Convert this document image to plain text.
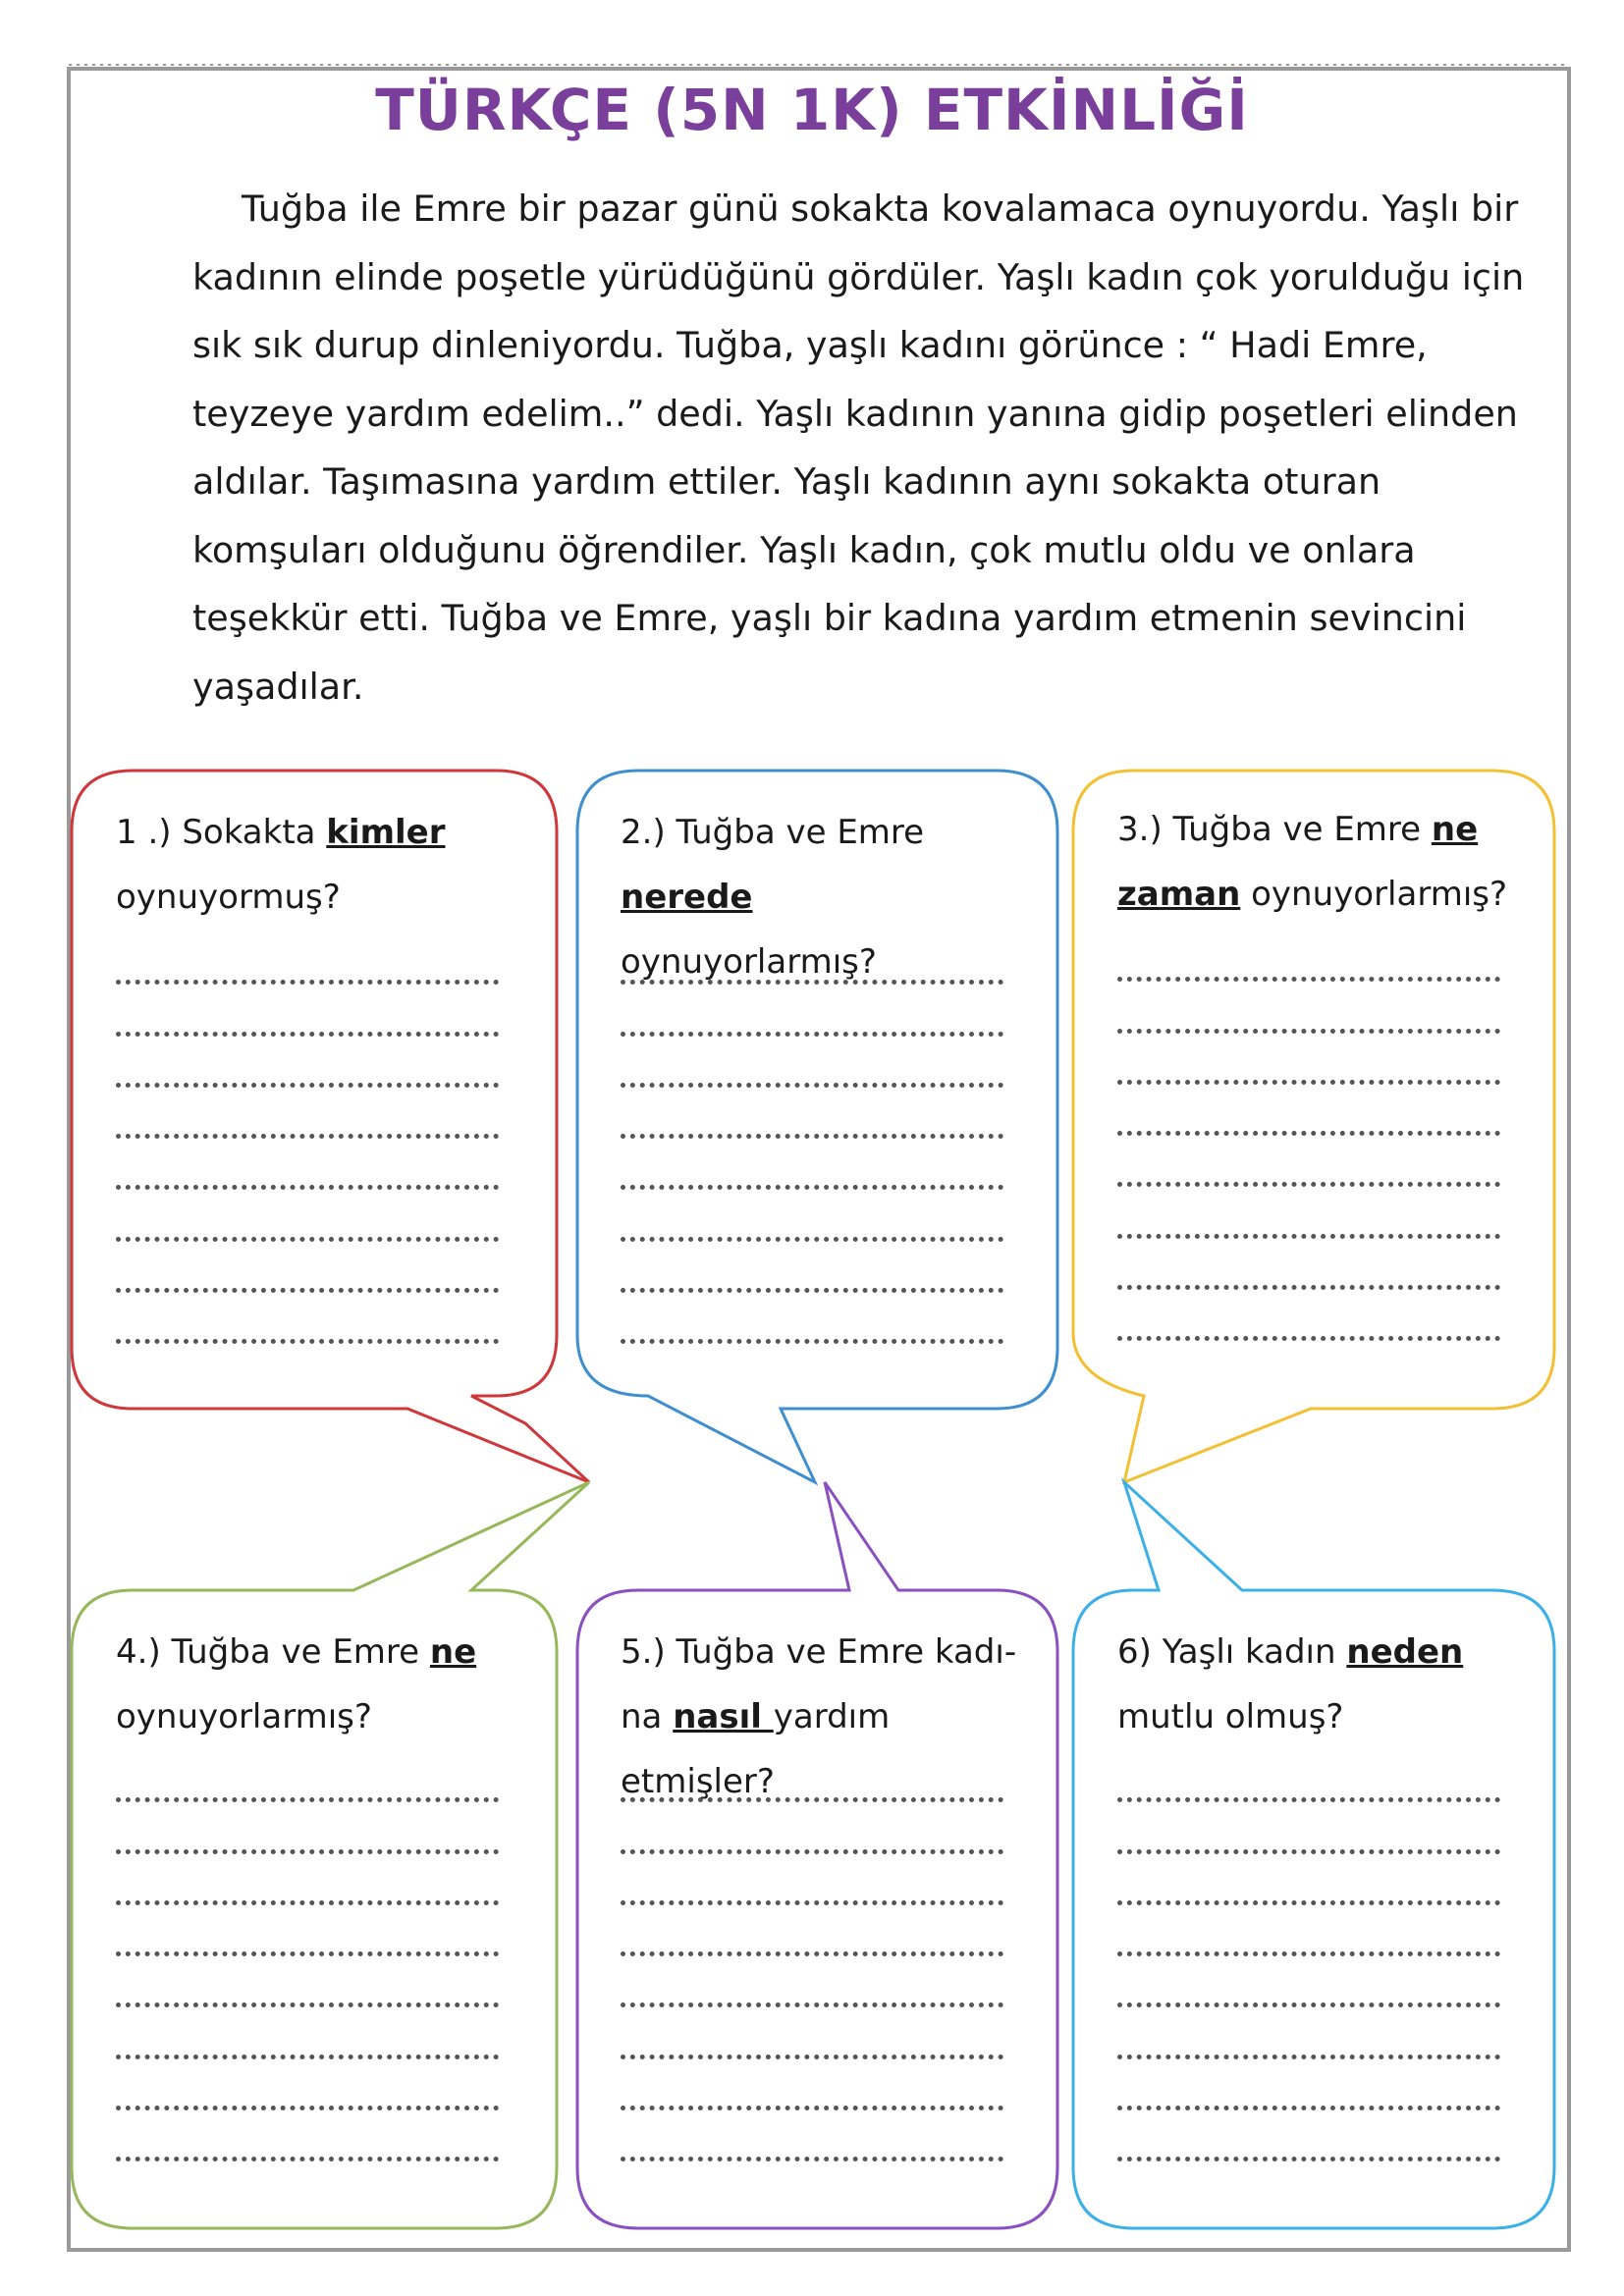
TÜRKÇE (5N 1K) ETKİNLİĞİ

Tuğba ile Emre bir pazar günü sokakta kovalamaca oynuyordu. Yaşlı bir kadının elinde poşetle yürüdüğünü gördüler. Yaşlı kadın çok yorulduğu için sık sık durup dinleniyordu. Tuğba, yaşlı kadını görünce : “ Hadi Emre, teyzeye yardım edelim..” dedi. Yaşlı kadının yanına gidip poşetleri elinden aldılar. Taşımasına yardım ettiler. Yaşlı kadının aynı sokakta oturan komşuları olduğunu öğrendiler. Yaşlı kadın, çok mutlu oldu ve onlara teşekkür etti. Tuğba ve Emre, yaşlı bir kadına yardım etmenin sevincini yaşadılar.

1 .) Sokakta kimler oynuyormuş?

2.) Tuğba ve Emre nerede oynuyorlarmış?

3.) Tuğba ve Emre ne zaman oynuyorlarmış?

4.) Tuğba ve Emre ne oynuyorlarmış?

5.) Tuğba ve Emre kadı- na nasıl yardım etmişler?

6) Yaşlı kadın neden mutlu olmuş?
